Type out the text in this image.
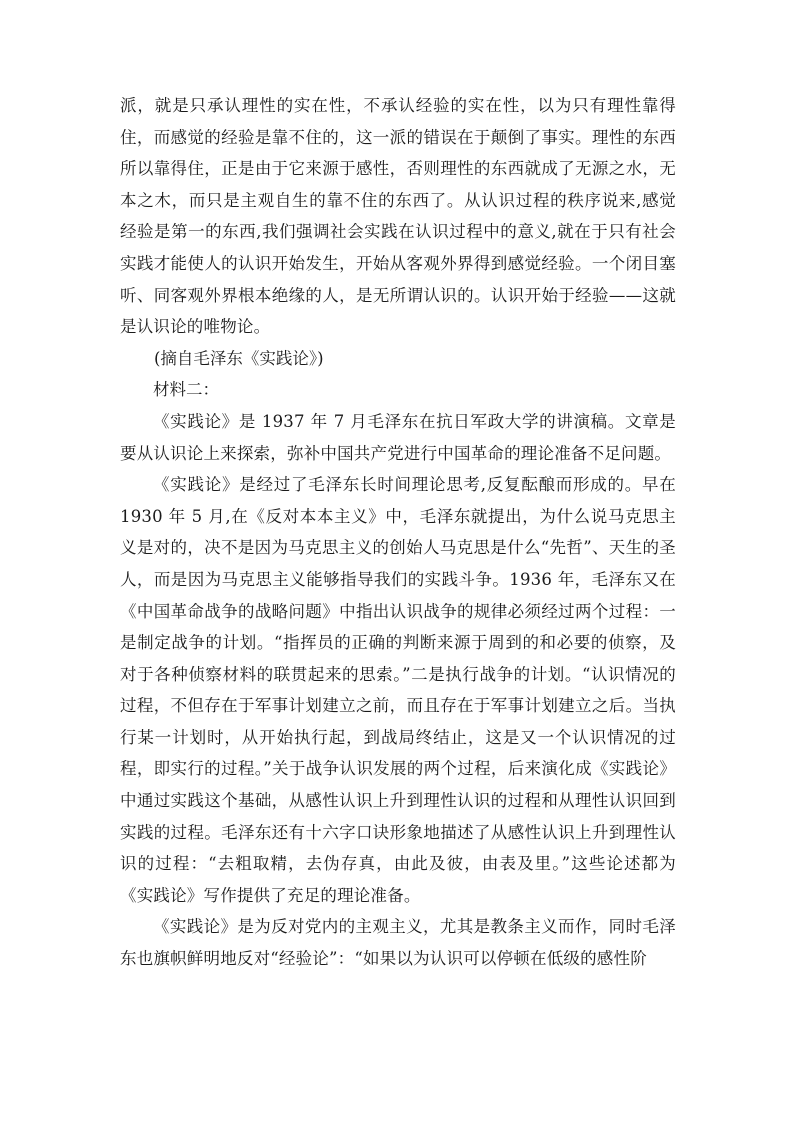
派，就是只承认理性的实在性，不承认经验的实在性，以为只有理性靠得住，而感觉的经验是靠不住的，这一派的错误在于颠倒了事实。理性的东西所以靠得住，正是由于它来源于感性，否则理性的东西就成了无源之水，无本之木，而只是主观自生的靠不住的东西了。从认识过程的秩序说来,感觉经验是第一的东西,我们强调社会实践在认识过程中的意义,就在于只有社会实践才能使人的认识开始发生，开始从客观外界得到感觉经验。一个闭目塞听、同客观外界根本绝缘的人，是无所谓认识的。认识开始于经验——这就是认识论的唯物论。

(摘自毛泽东《实践论》)

材料二：

《实践论》是 1937 年 7 月毛泽东在抗日军政大学的讲演稿。文章是要从认识论上来探索，弥补中国共产党进行中国革命的理论准备不足问题。

《实践论》是经过了毛泽东长时间理论思考,反复酝酿而形成的。早在 1930 年 5 月,在《反对本本主义》中，毛泽东就提出，为什么说马克思主义是对的，决不是因为马克思主义的创始人马克思是什么“先哲”、天生的圣人，而是因为马克思主义能够指导我们的实践斗争。1936 年，毛泽东又在《中国革命战争的战略问题》中指出认识战争的规律必须经过两个过程：一是制定战争的计划。“指挥员的正确的判断来源于周到的和必要的侦察，及对于各种侦察材料的联贯起来的思索。”二是执行战争的计划。“认识情况的过程，不但存在于军事计划建立之前，而且存在于军事计划建立之后。当执行某一计划时，从开始执行起，到战局终结止，这是又一个认识情况的过程，即实行的过程。”关于战争认识发展的两个过程，后来演化成《实践论》中通过实践这个基础，从感性认识上升到理性认识的过程和从理性认识回到实践的过程。毛泽东还有十六字口诀形象地描述了从感性认识上升到理性认识的过程：“去粗取精，去伪存真，由此及彼，由表及里。”这些论述都为《实践论》写作提供了充足的理论准备。

《实践论》是为反对党内的主观主义，尤其是教条主义而作，同时毛泽东也旗帜鲜明地反对“经验论”：“如果以为认识可以停顿在低级的感性阶
